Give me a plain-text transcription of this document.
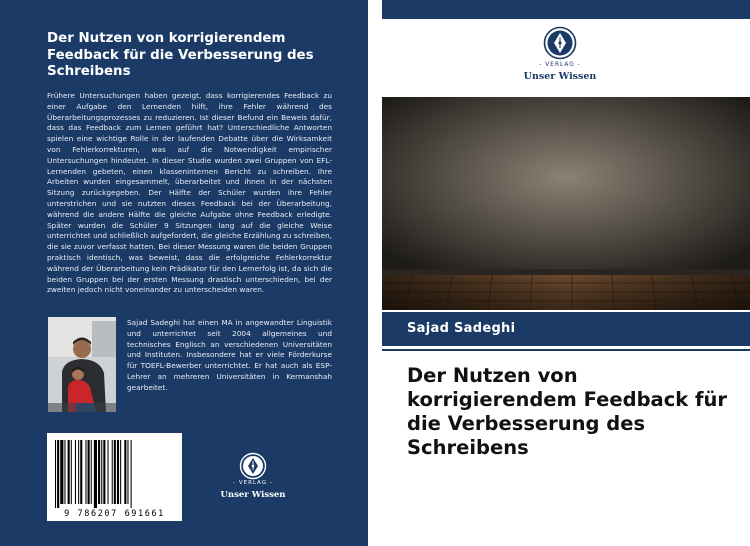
Der Nutzen von korrigierendem Feedback für die Verbesserung des Schreibens
Frühere Untersuchungen haben gezeigt, dass korrigierendes Feedback zu einer Aufgabe den Lernenden hilft, ihre Fehler während des Überarbeitungsprozesses zu reduzieren. Ist dieser Befund ein Beweis dafür, dass das Feedback zum Lernen geführt hat? Unterschiedliche Antworten spielen eine wichtige Rolle in der laufenden Debatte über die Wirksamkeit von Fehlerkorrekturen, was auf die Notwendigkeit empirischer Untersuchungen hindeutet. In dieser Studie wurden zwei Gruppen von EFL-Lernenden gebeten, einen klasseninternen Bericht zu schreiben. Ihre Arbeiten wurden eingesammelt, überarbeitet und ihnen in der nächsten Sitzung zurückgegeben. Der Hälfte der Schüler wurden ihre Fehler unterstrichen und sie nutzten dieses Feedback bei der Überarbeitung, während die andere Hälfte die gleiche Aufgabe ohne Feedback erledigte. Später wurden die Schüler 9 Sitzungen lang auf die gleiche Weise unterrichtet und schließlich aufgefordert, die gleiche Erzählung zu schreiben, die sie zuvor verfasst hatten. Bei dieser Messung waren die beiden Gruppen praktisch identisch, was beweist, dass die erfolgreiche Fehlerkorrektur während der Überarbeitung kein Prädikator für den Lernerfolg ist, da sich die beiden Gruppen bei der ersten Messung drastisch unterschieden, bei der zweiten jedoch nicht voneinander zu unterscheiden waren.
Sajad Sadeghi hat einen MA in angewandter Linguistik und unterrichtet seit 2004 allgemeines und technisches Englisch an verschiedenen Universitäten und Instituten. Insbesondere hat er viele Förderkurse für TOEFL-Bewerber unterrichtet. Er hat auch als ESP-Lehrer an mehreren Universitäten in Kermanshah gearbeitet.
9 786207 691661
- VERLAG -
Unser Wissen
- VERLAG -
Unser Wissen
Sajad Sadeghi
Der Nutzen von korrigierendem Feedback für die Verbesserung des Schreibens
